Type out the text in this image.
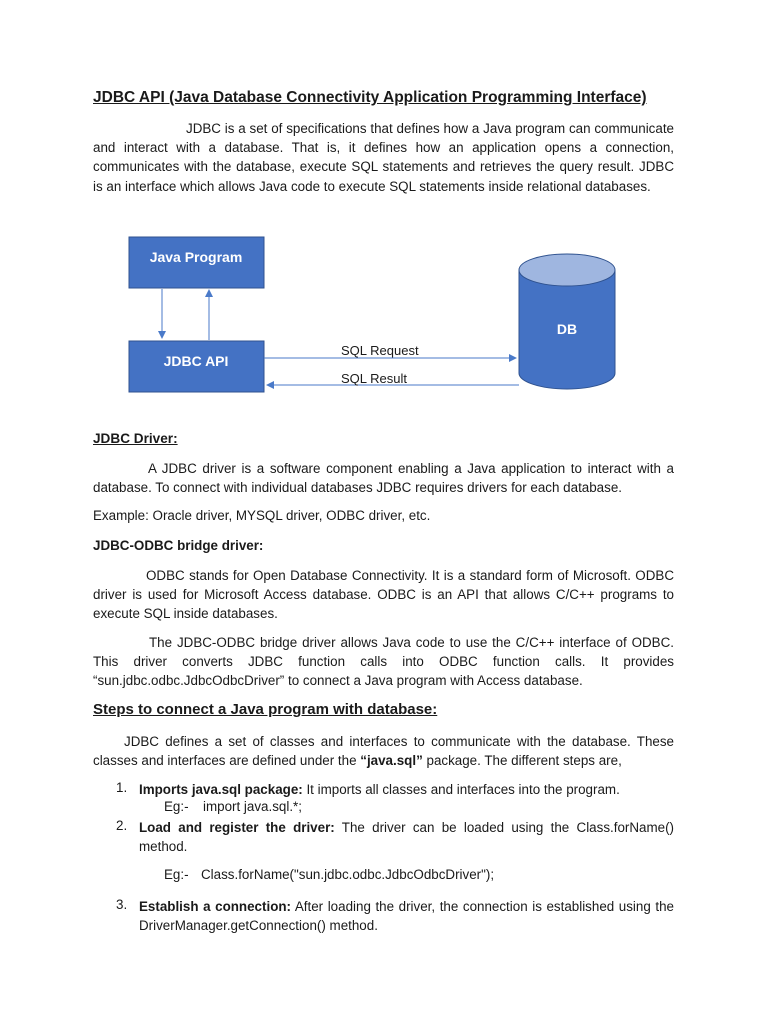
JDBC API (Java Database Connectivity Application Programming Interface)
JDBC is a set of specifications that defines how a Java program can communicate and interact with a database. That is, it defines how an application opens a connection, communicates with the database, execute SQL statements and retrieves the query result. JDBC is an interface which allows Java code to execute SQL statements inside relational databases.
Java Program
JDBC API
DB
SQL Request
SQL Result
JDBC Driver:
A JDBC driver is a software component enabling a Java application to interact with a database. To connect with individual databases JDBC requires drivers for each database.
Example: Oracle driver, MYSQL driver, ODBC driver, etc.
JDBC-ODBC bridge driver:
ODBC stands for Open Database Connectivity. It is a standard form of Microsoft. ODBC driver is used for Microsoft Access database. ODBC is an API that allows C/C++ programs to execute SQL inside databases.
The JDBC-ODBC bridge driver allows Java code to use the C/C++ interface of ODBC. This driver converts JDBC function calls into ODBC function calls. It provides “sun.jdbc.odbc.JdbcOdbcDriver” to connect a Java program with Access database.
Steps to connect a Java program with database:
JDBC defines a set of classes and interfaces to communicate with the database. These classes and interfaces are defined under the “java.sql” package. The different steps are,
1. Imports java.sql package: It imports all classes and interfaces into the program.
Eg:- import java.sql.*;
2. Load and register the driver: The driver can be loaded using the Class.forName() method.
Eg:- Class.forName("sun.jdbc.odbc.JdbcOdbcDriver");
3. Establish a connection: After loading the driver, the connection is established using the DriverManager.getConnection() method.
